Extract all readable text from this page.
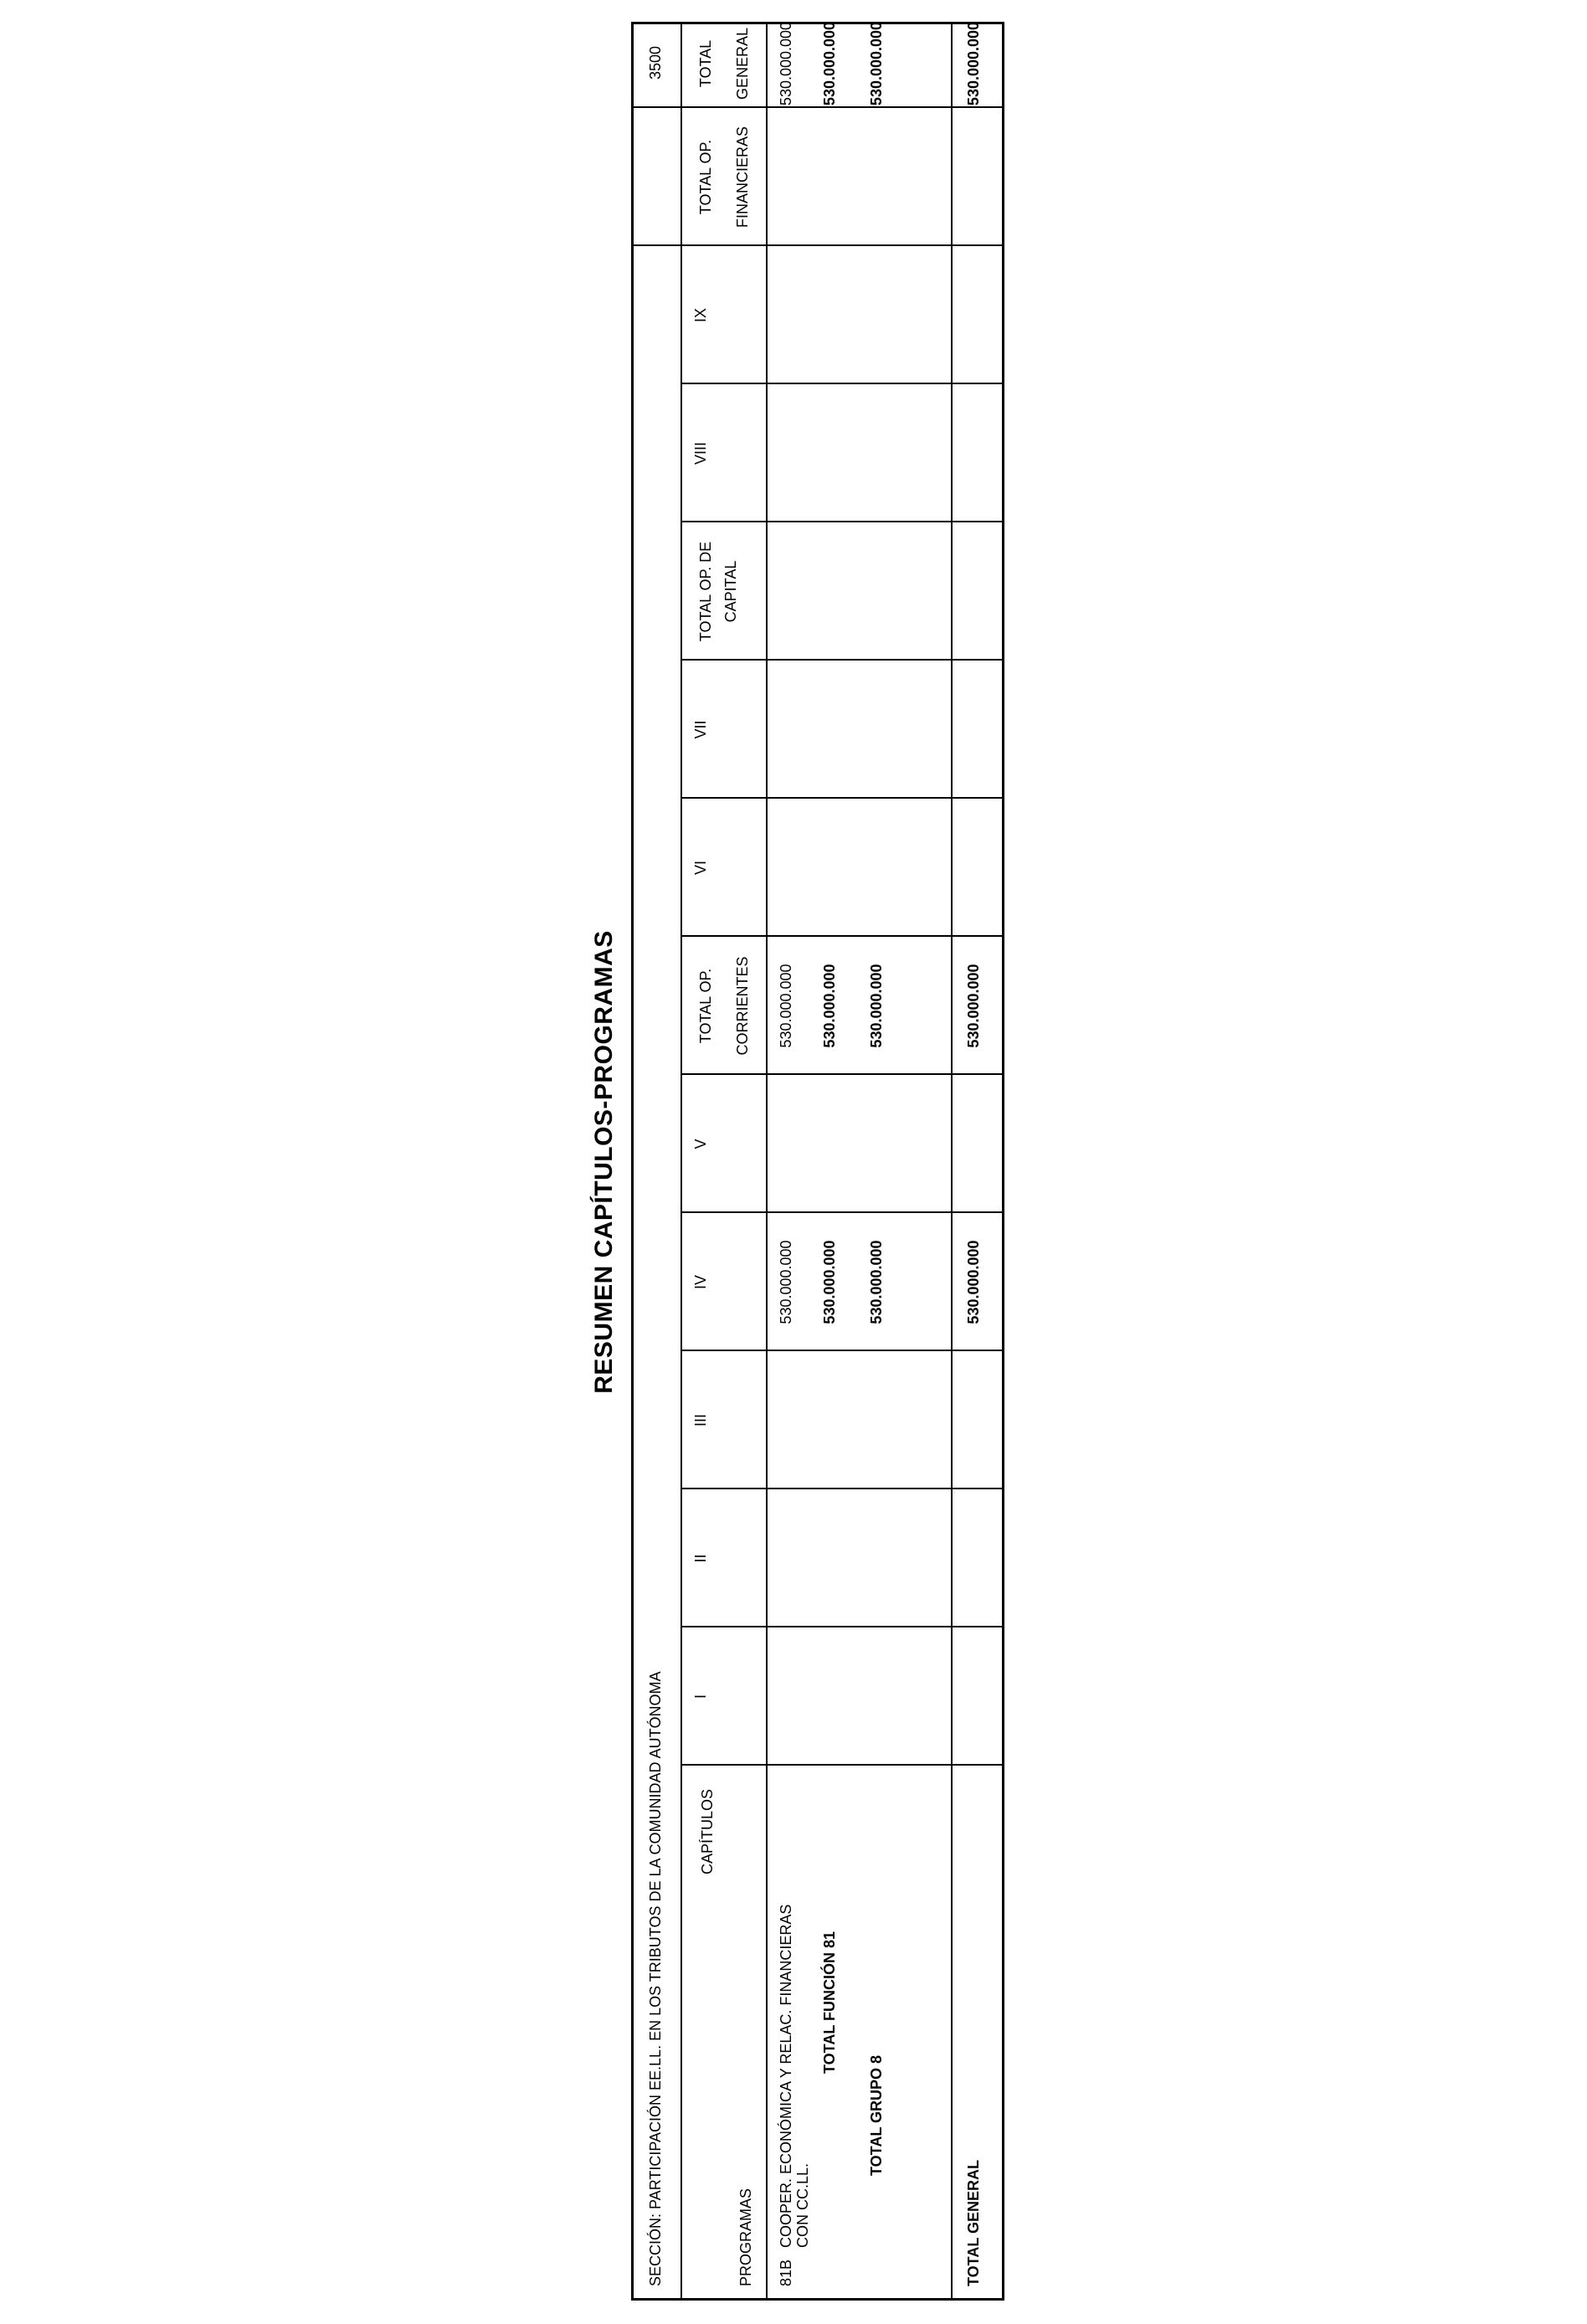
RESUMEN CAPÍTULOS-PROGRAMAS
SECCIÓN: PARTICIPACIÓN EE.LL. EN LOS TRIBUTOS DE LA COMUNIDAD AUTÓNOMA
3500
CAPÍTULOS
PROGRAMAS
I
II
III
IV
V
TOTAL OP. CORRIENTES
VI
VII
TOTAL OP. DE CAPITAL
VIII
IX
TOTAL OP. FINANCIERAS
TOTAL GENERAL
81B
COOPER. ECONÓMICA Y RELAC. FINANCIERAS CON CC.LL.
530.000.000
530.000.000
530.000.000
TOTAL FUNCIÓN 81
530.000.000
530.000.000
530.000.000
TOTAL GRUPO 8
530.000.000
530.000.000
530.000.000
TOTAL GENERAL
530.000.000
530.000.000
530.000.000
